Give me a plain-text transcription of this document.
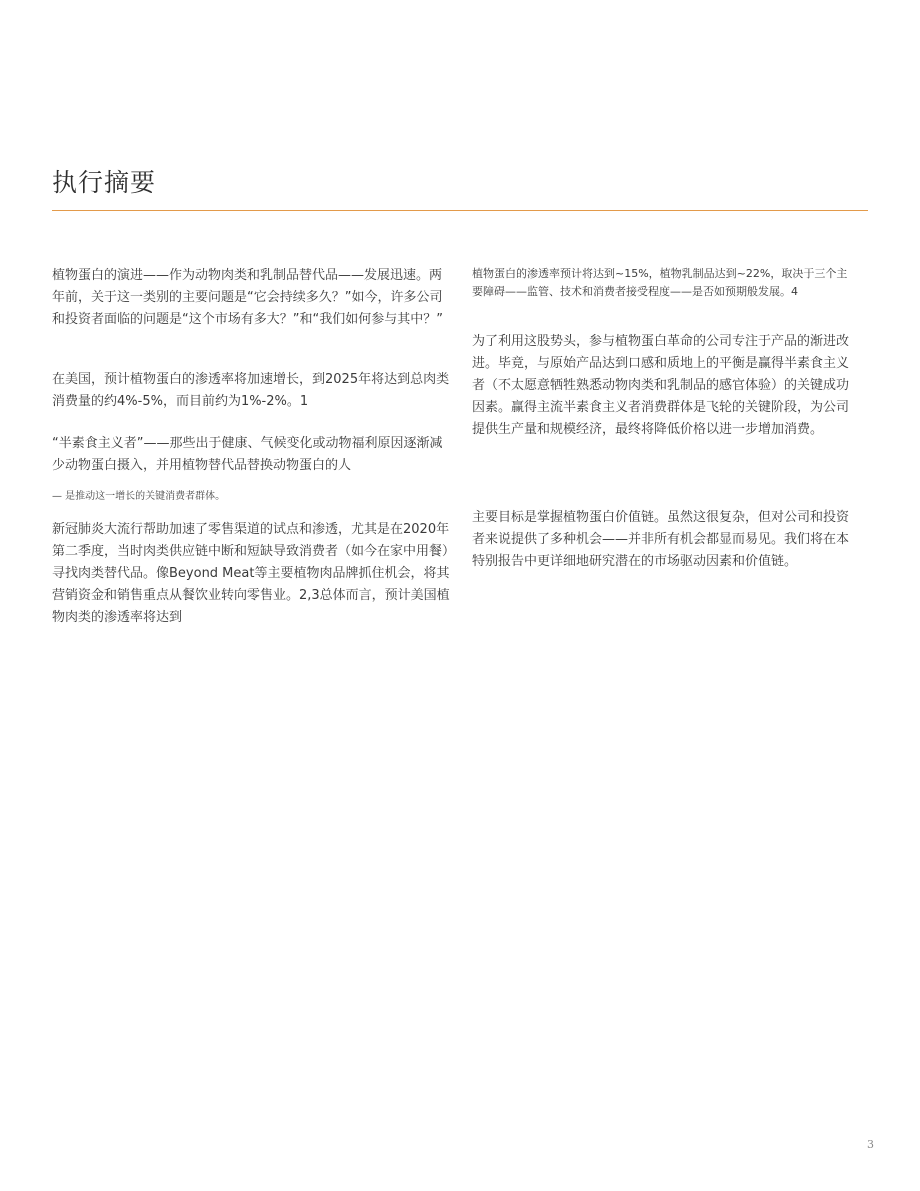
执行摘要

植物蛋白的演进——作为动物肉类和乳制品替代品——发展迅速。两年前，关于这一类别的主要问题是“它会持续多久？”如今，许多公司和投资者面临的问题是“这个市场有多大？”和“我们如何参与其中？”

在美国，预计植物蛋白的渗透率将加速增长，到2025年将达到总肉类消费量的约4%-5%，而目前约为1%-2%。1

“半素食主义者”——那些出于健康、气候变化或动物福利原因逐渐减少动物蛋白摄入，并用植物替代品替换动物蛋白的人

— 是推动这一增长的关键消费者群体。

新冠肺炎大流行帮助加速了零售渠道的试点和渗透，尤其是在2020年第二季度，当时肉类供应链中断和短缺导致消费者（如今在家中用餐）寻找肉类替代品。像Beyond Meat等主要植物肉品牌抓住机会，将其营销资金和销售重点从餐饮业转向零售业。2,3总体而言，预计美国植物肉类的渗透率将达到

植物蛋白的渗透率预计将达到~15%，植物乳制品达到~22%，取决于三个主要障碍——监管、技术和消费者接受程度——是否如预期般发展。4

为了利用这股势头，参与植物蛋白革命的公司专注于产品的渐进改进。毕竟，与原始产品达到口感和质地上的平衡是赢得半素食主义者（不太愿意牺牲熟悉动物肉类和乳制品的感官体验）的关键成功因素。赢得主流半素食主义者消费群体是飞轮的关键阶段，为公司提供生产量和规模经济，最终将降低价格以进一步增加消费。

主要目标是掌握植物蛋白价值链。虽然这很复杂，但对公司和投资者来说提供了多种机会——并非所有机会都显而易见。我们将在本特别报告中更详细地研究潜在的市场驱动因素和价值链。

3
